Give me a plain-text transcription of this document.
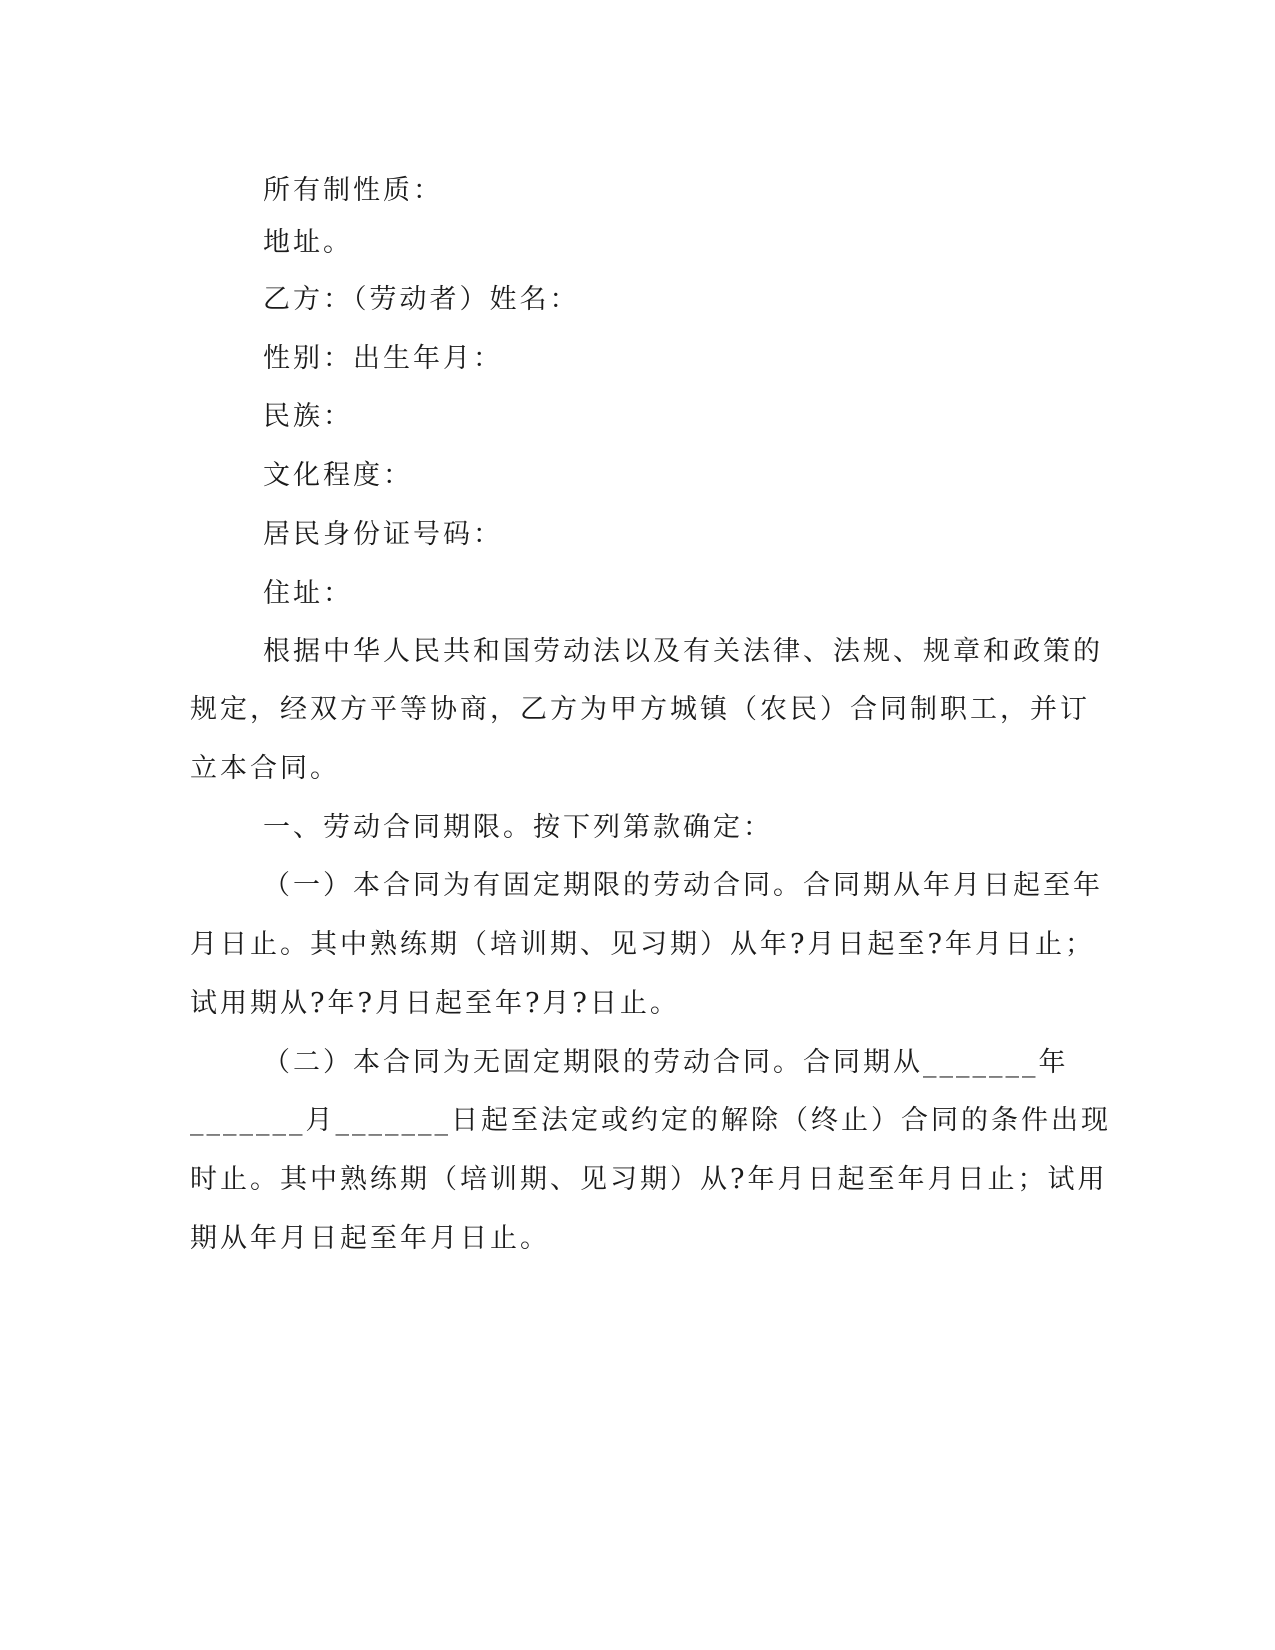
所有制性质：
地址。
乙方：（劳动者）姓名：
性别：出生年月：
民族：
文化程度：
居民身份证号码：
住址：
根据中华人民共和国劳动法以及有关法律、法规、规章和政策的
规定，经双方平等协商，乙方为甲方城镇（农民）合同制职工，并订
立本合同。
一、劳动合同期限。按下列第款确定：
（一）本合同为有固定期限的劳动合同。合同期从年月日起至年
月日止。其中熟练期（培训期、见习期）从年?月日起至?年月日止；
试用期从?年?月日起至年?月?日止。
（二）本合同为无固定期限的劳动合同。合同期从_______年
_______月_______日起至法定或约定的解除（终止）合同的条件出现
时止。其中熟练期（培训期、见习期）从?年月日起至年月日止；试用
期从年月日起至年月日止。
